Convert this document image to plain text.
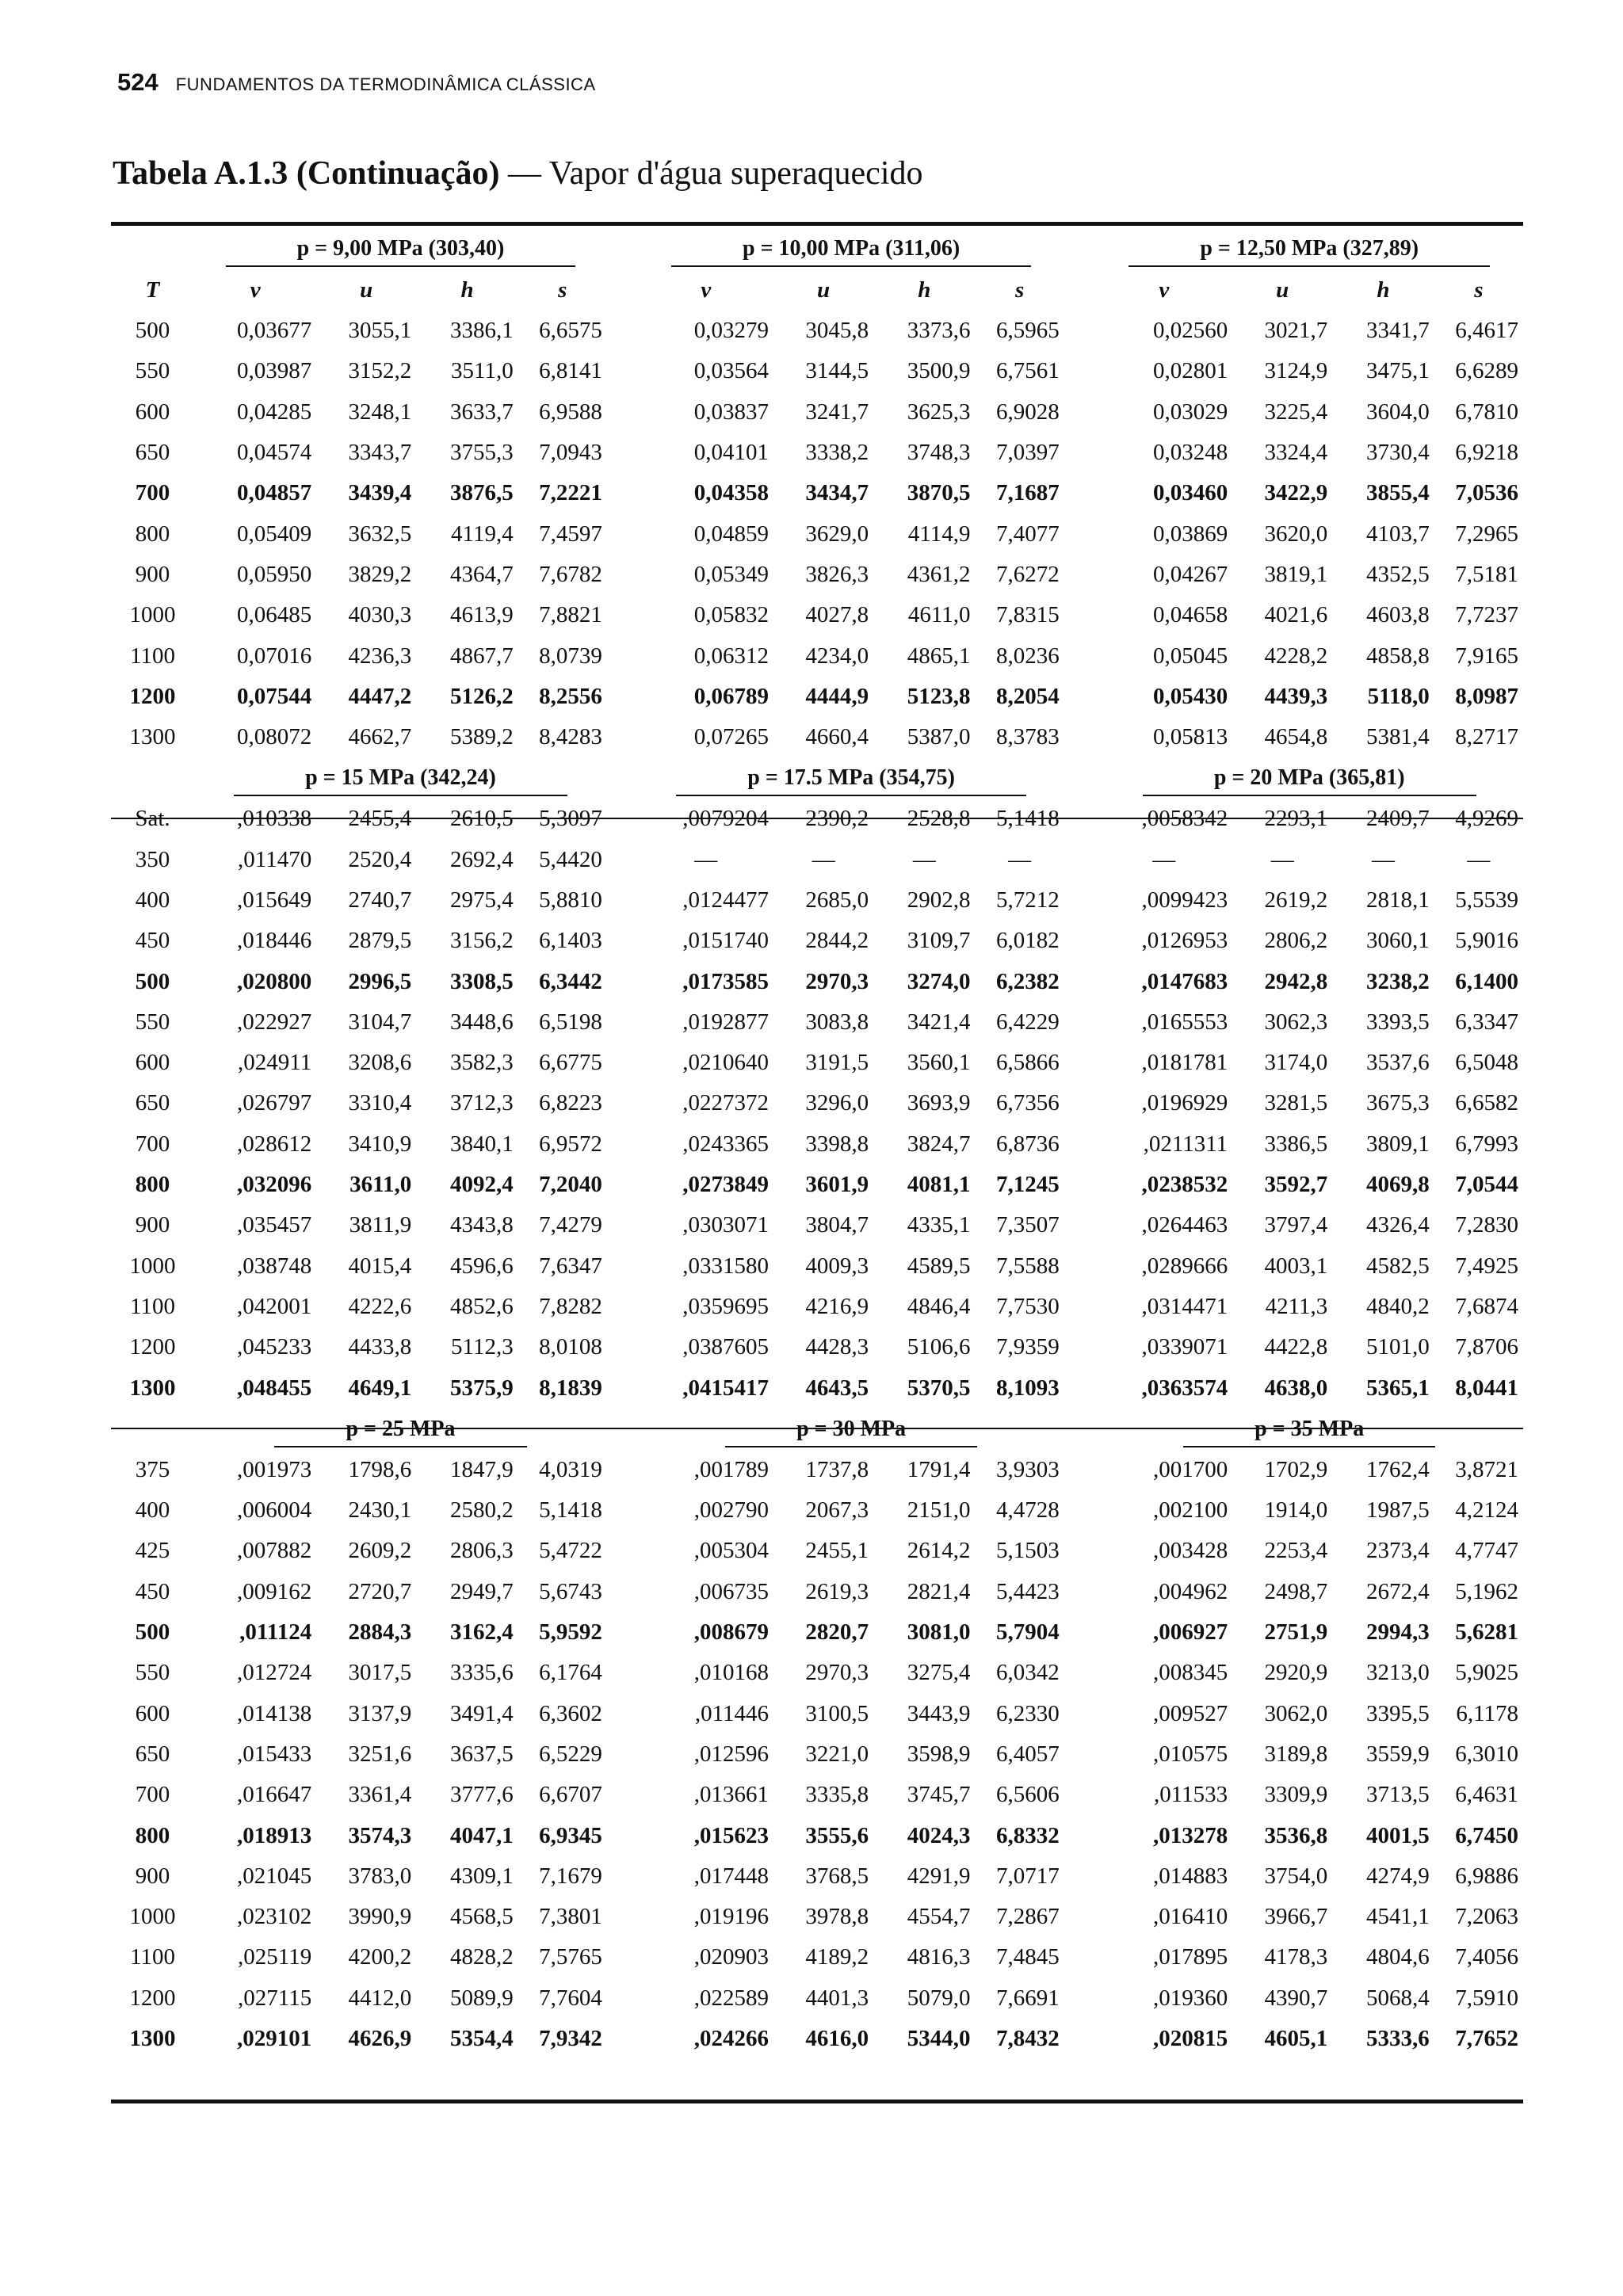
524 FUNDAMENTOS DA TERMODINÂMICA CLÁSSICA
Tabela A.1.3 (Continuação) — Vapor d'água superaquecido
	p = 9,00 MPa (303,40)					p = 10,00 MPa (311,06)					p = 12,50 MPa (327,89)			
T	v	u	h	s		v	u	h	s		v	u	h	s
500	0,03677	3055,1	3386,1	6,6575		0,03279	3045,8	3373,6	6,5965		0,02560	3021,7	3341,7	6,4617
550	0,03987	3152,2	3511,0	6,8141		0,03564	3144,5	3500,9	6,7561		0,02801	3124,9	3475,1	6,6289
600	0,04285	3248,1	3633,7	6,9588		0,03837	3241,7	3625,3	6,9028		0,03029	3225,4	3604,0	6,7810
650	0,04574	3343,7	3755,3	7,0943		0,04101	3338,2	3748,3	7,0397		0,03248	3324,4	3730,4	6,9218
700	0,04857	3439,4	3876,5	7,2221		0,04358	3434,7	3870,5	7,1687		0,03460	3422,9	3855,4	7,0536
800	0,05409	3632,5	4119,4	7,4597		0,04859	3629,0	4114,9	7,4077		0,03869	3620,0	4103,7	7,2965
900	0,05950	3829,2	4364,7	7,6782		0,05349	3826,3	4361,2	7,6272		0,04267	3819,1	4352,5	7,5181
1000	0,06485	4030,3	4613,9	7,8821		0,05832	4027,8	4611,0	7,8315		0,04658	4021,6	4603,8	7,7237
1100	0,07016	4236,3	4867,7	8,0739		0,06312	4234,0	4865,1	8,0236		0,05045	4228,2	4858,8	7,9165
1200	0,07544	4447,2	5126,2	8,2556		0,06789	4444,9	5123,8	8,2054		0,05430	4439,3	5118,0	8,0987
1300	0,08072	4662,7	5389,2	8,4283		0,07265	4660,4	5387,0	8,3783		0,05813	4654,8	5381,4	8,2717
	p = 15 MPa (342,24)					p = 17.5 MPa (354,75)					p = 20 MPa (365,81)			
Sat.	,010338	2455,4	2610,5	5,3097		,0079204	2390,2	2528,8	5,1418		,0058342	2293,1	2409,7	4,9269
350	,011470	2520,4	2692,4	5,4420		—	—	—	—		—	—	—	—
400	,015649	2740,7	2975,4	5,8810		,0124477	2685,0	2902,8	5,7212		,0099423	2619,2	2818,1	5,5539
450	,018446	2879,5	3156,2	6,1403		,0151740	2844,2	3109,7	6,0182		,0126953	2806,2	3060,1	5,9016
500	,020800	2996,5	3308,5	6,3442		,0173585	2970,3	3274,0	6,2382		,0147683	2942,8	3238,2	6,1400
550	,022927	3104,7	3448,6	6,5198		,0192877	3083,8	3421,4	6,4229		,0165553	3062,3	3393,5	6,3347
600	,024911	3208,6	3582,3	6,6775		,0210640	3191,5	3560,1	6,5866		,0181781	3174,0	3537,6	6,5048
650	,026797	3310,4	3712,3	6,8223		,0227372	3296,0	3693,9	6,7356		,0196929	3281,5	3675,3	6,6582
700	,028612	3410,9	3840,1	6,9572		,0243365	3398,8	3824,7	6,8736		,0211311	3386,5	3809,1	6,7993
800	,032096	3611,0	4092,4	7,2040		,0273849	3601,9	4081,1	7,1245		,0238532	3592,7	4069,8	7,0544
900	,035457	3811,9	4343,8	7,4279		,0303071	3804,7	4335,1	7,3507		,0264463	3797,4	4326,4	7,2830
1000	,038748	4015,4	4596,6	7,6347		,0331580	4009,3	4589,5	7,5588		,0289666	4003,1	4582,5	7,4925
1100	,042001	4222,6	4852,6	7,8282		,0359695	4216,9	4846,4	7,7530		,0314471	4211,3	4840,2	7,6874
1200	,045233	4433,8	5112,3	8,0108		,0387605	4428,3	5106,6	7,9359		,0339071	4422,8	5101,0	7,8706
1300	,048455	4649,1	5375,9	8,1839		,0415417	4643,5	5370,5	8,1093		,0363574	4638,0	5365,1	8,0441
	p = 25 MPa					p = 30 MPa					p = 35 MPa			
375	,001973	1798,6	1847,9	4,0319		,001789	1737,8	1791,4	3,9303		,001700	1702,9	1762,4	3,8721
400	,006004	2430,1	2580,2	5,1418		,002790	2067,3	2151,0	4,4728		,002100	1914,0	1987,5	4,2124
425	,007882	2609,2	2806,3	5,4722		,005304	2455,1	2614,2	5,1503		,003428	2253,4	2373,4	4,7747
450	,009162	2720,7	2949,7	5,6743		,006735	2619,3	2821,4	5,4423		,004962	2498,7	2672,4	5,1962
500	,011124	2884,3	3162,4	5,9592		,008679	2820,7	3081,0	5,7904		,006927	2751,9	2994,3	5,6281
550	,012724	3017,5	3335,6	6,1764		,010168	2970,3	3275,4	6,0342		,008345	2920,9	3213,0	5,9025
600	,014138	3137,9	3491,4	6,3602		,011446	3100,5	3443,9	6,2330		,009527	3062,0	3395,5	6,1178
650	,015433	3251,6	3637,5	6,5229		,012596	3221,0	3598,9	6,4057		,010575	3189,8	3559,9	6,3010
700	,016647	3361,4	3777,6	6,6707		,013661	3335,8	3745,7	6,5606		,011533	3309,9	3713,5	6,4631
800	,018913	3574,3	4047,1	6,9345		,015623	3555,6	4024,3	6,8332		,013278	3536,8	4001,5	6,7450
900	,021045	3783,0	4309,1	7,1679		,017448	3768,5	4291,9	7,0717		,014883	3754,0	4274,9	6,9886
1000	,023102	3990,9	4568,5	7,3801		,019196	3978,8	4554,7	7,2867		,016410	3966,7	4541,1	7,2063
1100	,025119	4200,2	4828,2	7,5765		,020903	4189,2	4816,3	7,4845		,017895	4178,3	4804,6	7,4056
1200	,027115	4412,0	5089,9	7,7604		,022589	4401,3	5079,0	7,6691		,019360	4390,7	5068,4	7,5910
1300	,029101	4626,9	5354,4	7,9342		,024266	4616,0	5344,0	7,8432		,020815	4605,1	5333,6	7,7652
